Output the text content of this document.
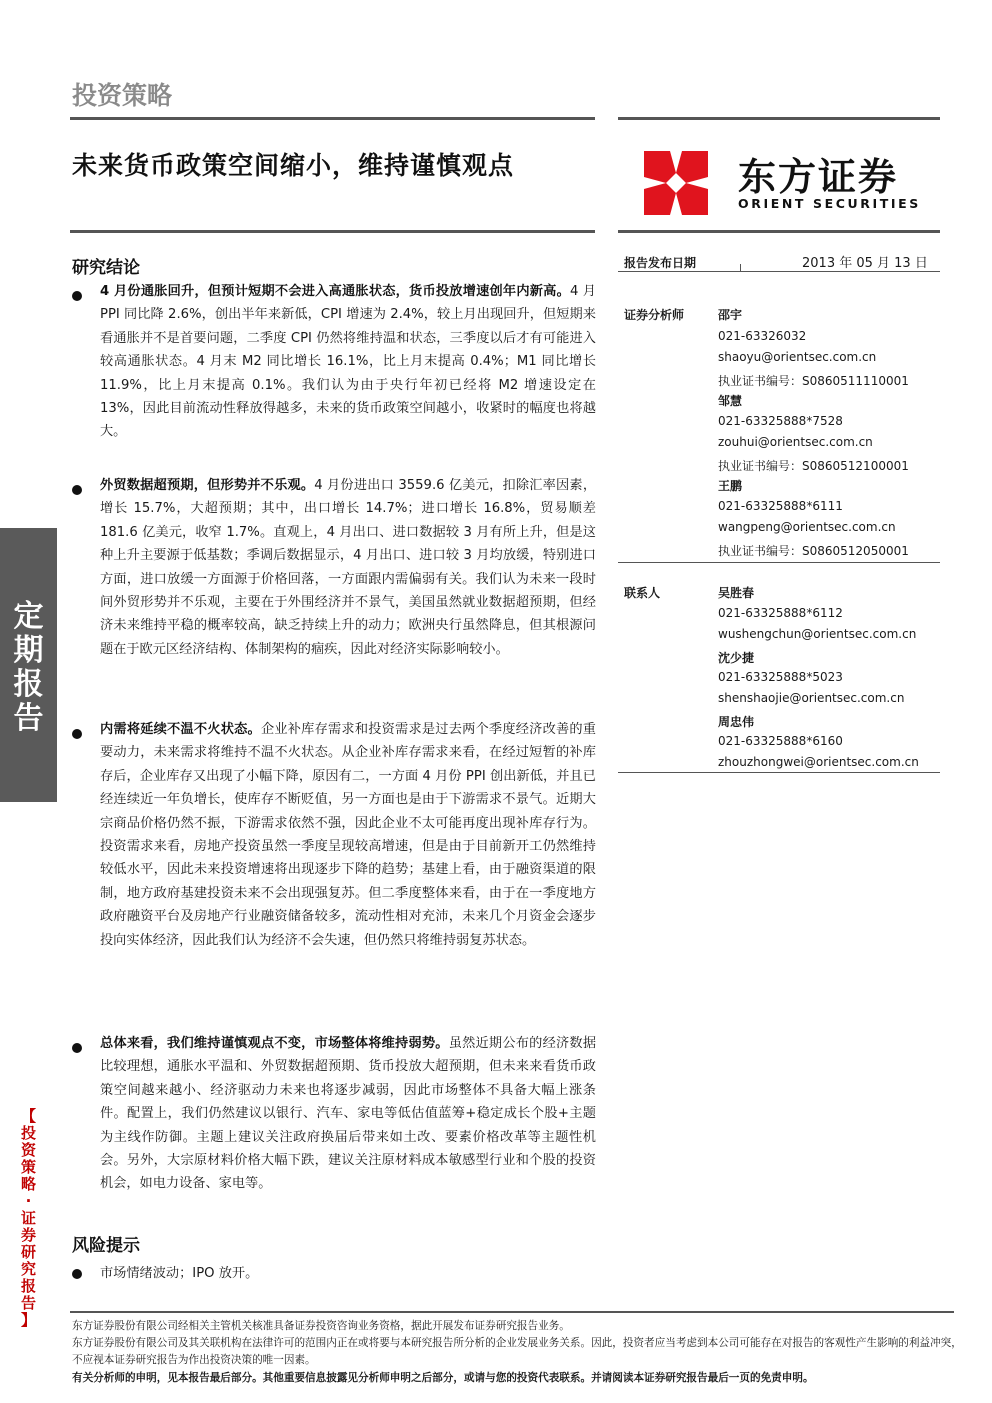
定
期
报
告
【
投
资
策
略
·
证
券
研
究
报
告
】
投资策略
未来货币政策空间缩小，维持谨慎观点	东方证券
ORIENT SECURITIES
研究结论
4 月份通胀回升，但预计短期不会进入高通胀状态，货币投放增速创年内新高。4 月 PPI 同比降 2.6%，创出半年来新低，CPI 增速为 2.4%，较上月出现回升，但短期来看通胀并不是首要问题，二季度 CPI 仍然将维持温和状态，三季度以后才有可能进入较高通胀状态。4 月末 M2 同比增长 16.1%，比上月末提高 0.4%；M1 同比增长 11.9%，比上月末提高 0.1%。我们认为由于央行年初已经将 M2 增速设定在 13%，因此目前流动性释放得越多，未来的货币政策空间越小，收紧时的幅度也将越大。
外贸数据超预期，但形势并不乐观。4 月份进出口 3559.6 亿美元，扣除汇率因素，增长 15.7%，大超预期；其中，出口增长 14.7%；进口增长 16.8%，贸易顺差 181.6 亿美元，收窄 1.7%。直观上，4 月出口、进口数据较 3 月有所上升，但是这种上升主要源于低基数；季调后数据显示，4 月出口、进口较 3 月均放缓，特别进口方面，进口放缓一方面源于价格回落，一方面跟内需偏弱有关。我们认为未来一段时间外贸形势并不乐观，主要在于外围经济并不景气，美国虽然就业数据超预期，但经济未来维持平稳的概率较高，缺乏持续上升的动力；欧洲央行虽然降息，但其根源问题在于欧元区经济结构、体制架构的痼疾，因此对经济实际影响较小。
内需将延续不温不火状态。企业补库存需求和投资需求是过去两个季度经济改善的重要动力，未来需求将维持不温不火状态。从企业补库存需求来看，在经过短暂的补库存后，企业库存又出现了小幅下降，原因有二，一方面 4 月份 PPI 创出新低，并且已经连续近一年负增长，使库存不断贬值，另一方面也是由于下游需求不景气。近期大宗商品价格仍然不振，下游需求依然不强，因此企业不太可能再度出现补库存行为。投资需求来看，房地产投资虽然一季度呈现较高增速，但是由于目前新开工仍然维持较低水平，因此未来投资增速将出现逐步下降的趋势；基建上看，由于融资渠道的限制，地方政府基建投资未来不会出现强复苏。但二季度整体来看，由于在一季度地方政府融资平台及房地产行业融资储备较多，流动性相对充沛，未来几个月资金会逐步投向实体经济，因此我们认为经济不会失速，但仍然只将维持弱复苏状态。
总体来看，我们维持谨慎观点不变，市场整体将维持弱势。虽然近期公布的经济数据比较理想，通胀水平温和、外贸数据超预期、货币投放大超预期，但未来来看货币政策空间越来越小、经济驱动力未来也将逐步减弱，因此市场整体不具备大幅上涨条件。配置上，我们仍然建议以银行、汽车、家电等低估值蓝筹+稳定成长个股+主题为主线作防御。主题上建议关注政府换届后带来如土改、要素价格改革等主题性机会。另外，大宗原材料价格大幅下跌，建议关注原材料成本敏感型行业和个股的投资机会，如电力设备、家电等。
风险提示
市场情绪波动；IPO 放开。
报告发布日期	2013 年 05 月 13 日
证券分析师	邵宇
021-63326032
shaoyu@orientsec.com.cn
执业证书编号：S0860511110001
邹慧
021-63325888*7528
zouhui@orientsec.com.cn
执业证书编号：S0860512100001
王鹏
021-63325888*6111
wangpeng@orientsec.com.cn
执业证书编号：S0860512050001
联系人	吴胜春
021-63325888*6112
wushengchun@orientsec.com.cn
沈少捷
021-63325888*5023
shenshaojie@orientsec.com.cn
周忠伟
021-63325888*6160
zhouzhongwei@orientsec.com.cn
东方证券股份有限公司经相关主管机关核准具备证券投资咨询业务资格，据此开展发布证券研究报告业务。
东方证券股份有限公司及其关联机构在法律许可的范围内正在或将要与本研究报告所分析的企业发展业务关系。因此，投资者应当考虑到本公司可能存在对报告的客观性产生影响的利益冲突，不应视本证券研究报告为作出投资决策的唯一因素。
有关分析师的申明，见本报告最后部分。其他重要信息披露见分析师申明之后部分，或请与您的投资代表联系。并请阅读本证券研究报告最后一页的免责申明。
